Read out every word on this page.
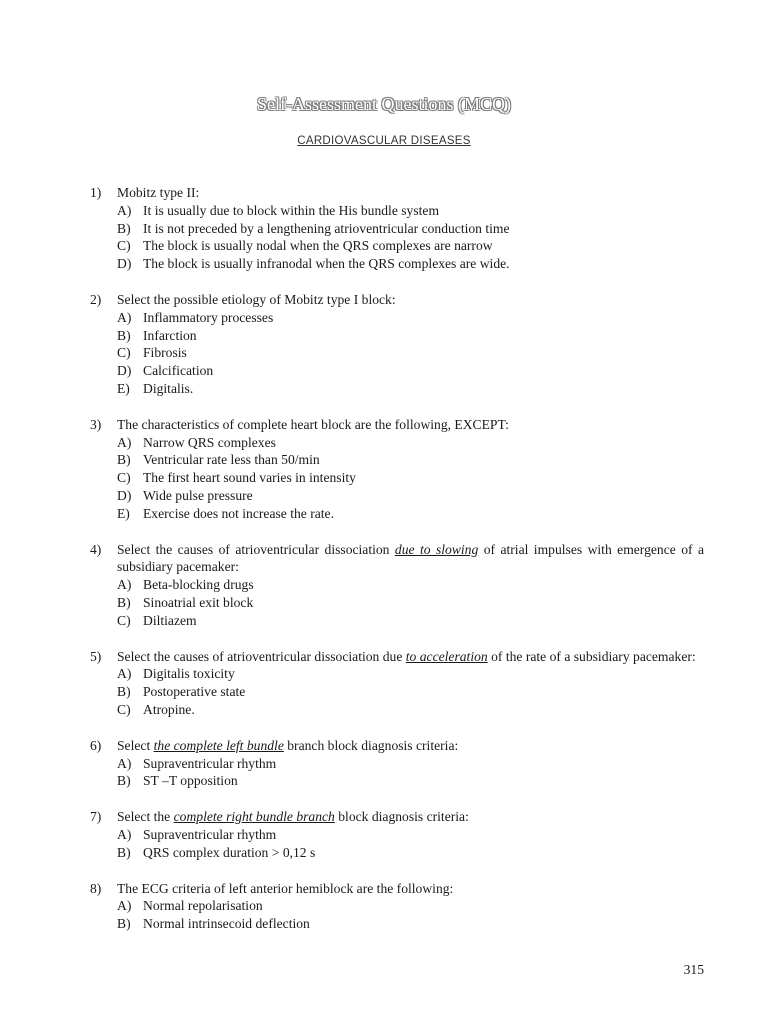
Self-Assessment Questions (MCQ)
CARDIOVASCULAR DISEASES
1)	Mobitz type II:
A) It is usually due to block within the His bundle system
B) It is not preceded by a lengthening atrioventricular conduction time
C) The block is usually nodal when the QRS complexes are narrow
D) The block is usually infranodal when the QRS complexes are wide.
2)	Select the possible etiology of Mobitz type I block:
A) Inflammatory processes
B) Infarction
C) Fibrosis
D) Calcification
E) Digitalis.
3)	The characteristics of complete heart block are the following, EXCEPT:
A) Narrow QRS complexes
B) Ventricular rate less than 50/min
C) The first heart sound varies in intensity
D) Wide pulse pressure
E) Exercise does not increase the rate.
4)	Select the causes of atrioventricular dissociation due to slowing of atrial impulses with emergence of a subsidiary pacemaker:
A) Beta-blocking drugs
B) Sinoatrial exit block
C) Diltiazem
5)	Select the causes of atrioventricular dissociation due to acceleration of the rate of a subsidiary pacemaker:
A) Digitalis toxicity
B) Postoperative state
C) Atropine.
6)	Select the complete left bundle branch block diagnosis criteria:
A) Supraventricular rhythm
B) ST –T opposition
7)	Select the complete right bundle branch block diagnosis criteria:
A) Supraventricular rhythm
B) QRS complex duration > 0,12 s
8)	The ECG criteria of left anterior hemiblock are the following:
A) Normal repolarisation
B) Normal intrinsecoid deflection
315
